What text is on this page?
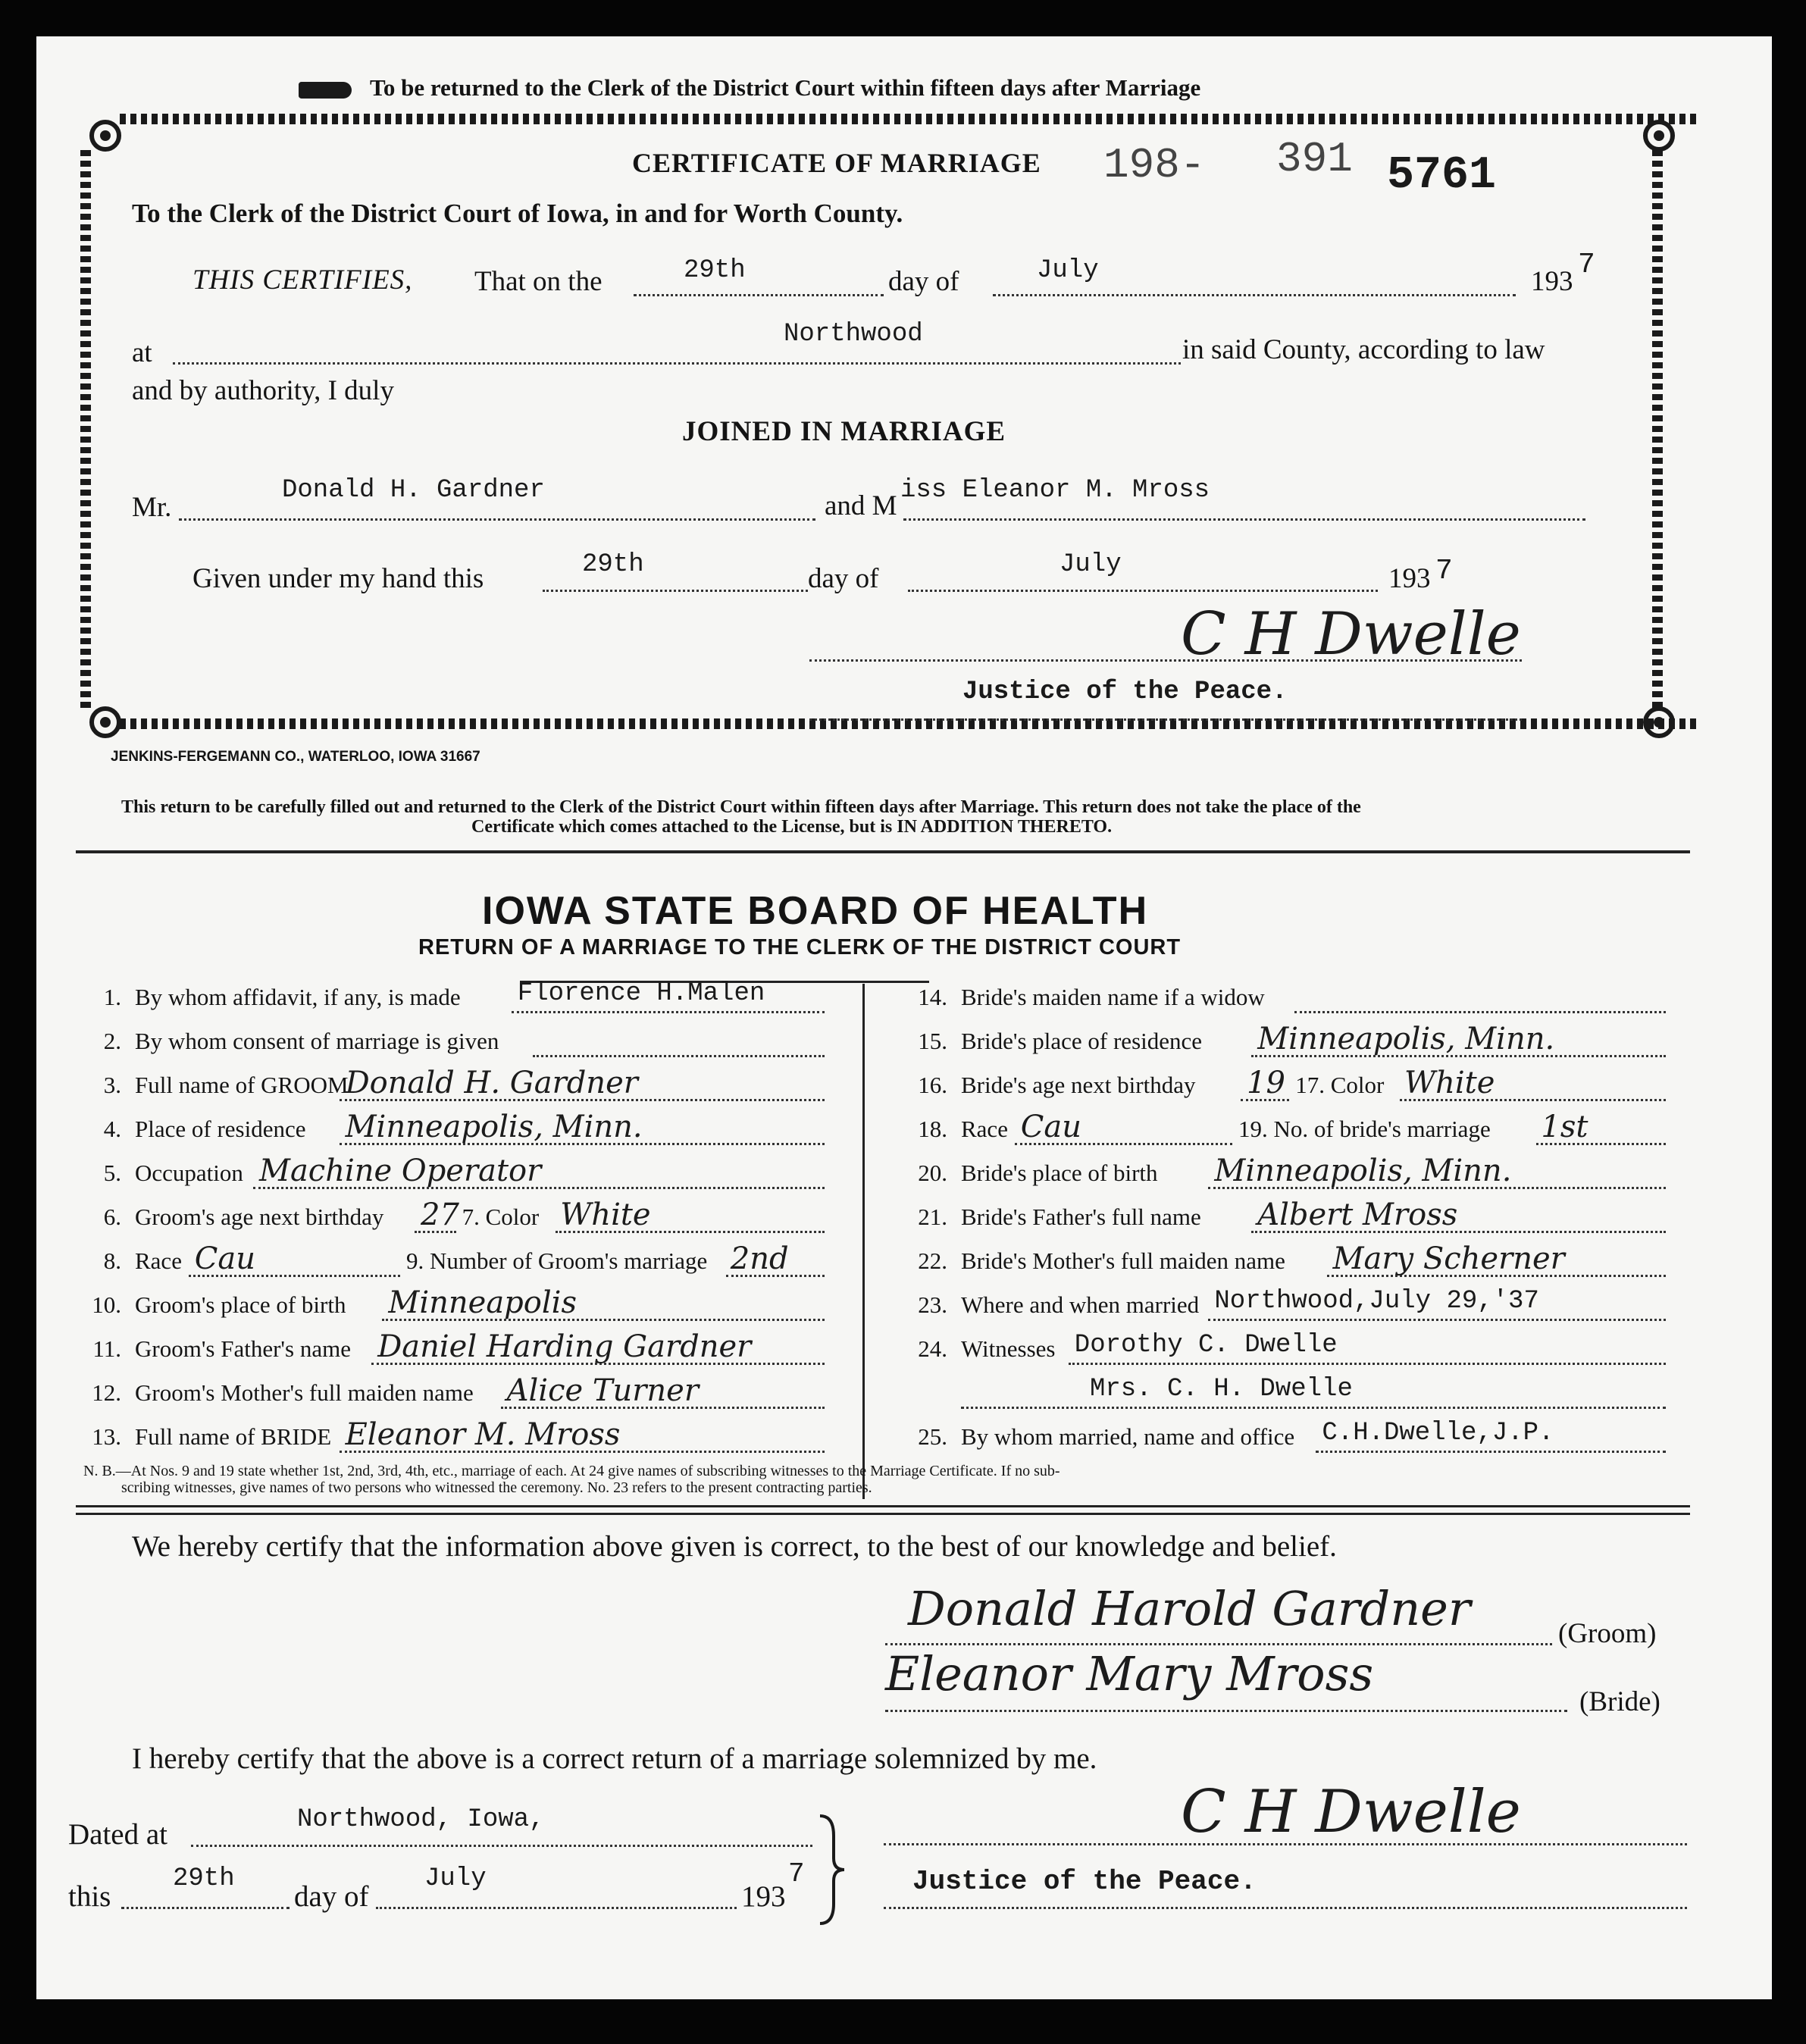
To be returned to the Clerk of the District Court within fifteen days after Marriage
CERTIFICATE OF MARRIAGE 198- 391 5761
To the Clerk of the District Court of Iowa, in and for Worth County.
THIS CERTIFIES, That on the	29th	day of	July	193
7
at
Northwood	in said County, according to law
and by authority, I duly
JOINED IN MARRIAGE
Mr.
Donald H. Gardner	and M iss Eleanor M. Mross
Given under my hand this	29th	day of	July	193 7
C H Dwelle
Justice of the Peace.
JENKINS-FERGEMANN CO., WATERLOO, IOWA 31667
This return to be carefully filled out and returned to the Clerk of the District Court within fifteen days after Marriage. This return does not take the place of the
Certificate which comes attached to the License, but is IN ADDITION THERETO.
IOWA STATE BOARD OF HEALTH
RETURN OF A MARRIAGE TO THE CLERK OF THE DISTRICT COURT
1. By whom affidavit, if any, is made Florence H.Malen
2. By whom consent of marriage is given
3. Full name of GROOM
Donald H. Gardner
4. Place of residence Minneapolis, Minn.
5. Occupation Machine Operator
6. Groom's age next birthday 27 7. Color White
8. Race Cau	9. Number of Groom's marriage 2nd
10. Groom's place of birth Minneapolis
11. Groom's Father's name Daniel Harding Gardner
12. Groom's Mother's full maiden name Alice Turner
13. Full name of BRIDE Eleanor M. Mross
14. Bride's maiden name if a widow
15. Bride's place of residence Minneapolis, Minn.
16. Bride's age next birthday 19 17. Color White
18. Race Cau	19. No. of bride's marriage 1st
20. Bride's place of birth Minneapolis, Minn.
21. Bride's Father's full name Albert Mross
22. Bride's Mother's full maiden name Mary Scherner
23. Where and when married Northwood,July 29,'37
24. Witnesses Dorothy C. Dwelle
Mrs. C. H. Dwelle
25. By whom married, name and office C.H.Dwelle,J.P.
N. B.—At Nos. 9 and 19 state whether 1st, 2nd, 3rd, 4th, etc., marriage of each. At 24 give names of subscribing witnesses to the Marriage Certificate. If no sub-
scribing witnesses, give names of two persons who witnessed the ceremony. No. 23 refers to the present contracting parties.
We hereby certify that the information above given is correct, to the best of our knowledge and belief.
Donald Harold Gardner	(Groom)
Eleanor Mary Mross
(Bride)
I hereby certify that the above is a correct return of a marriage solemnized by me.
Dated at	Northwood, Iowa,
this
29th
day of
July
193
7
C H Dwelle
Justice of the Peace.
